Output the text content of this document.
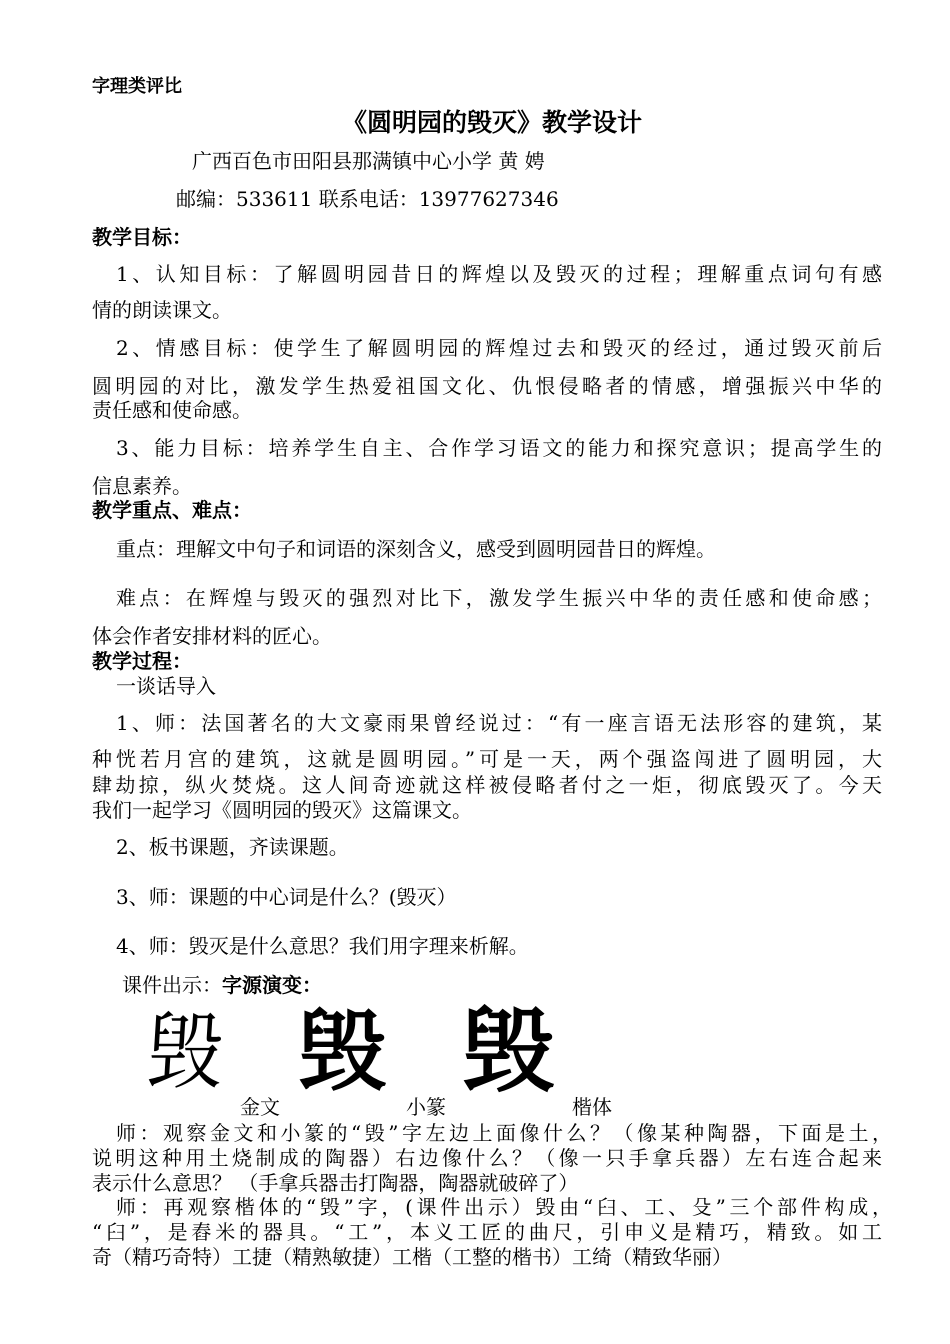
字理类评比
《圆明园的毁灭》教学设计
广西百色市田阳县那满镇中心小学 黄 娉
邮编：533611 联系电话：13977627346
教学目标：
1、认知目标：了解圆明园昔日的辉煌以及毁灭的过程；理解重点词句有感
情的朗读课文。
2、情感目标：使学生了解圆明园的辉煌过去和毁灭的经过，通过毁灭前后
圆明园的对比，激发学生热爱祖国文化、仇恨侵略者的情感，增强振兴中华的
责任感和使命感。
3、能力目标：培养学生自主、合作学习语文的能力和探究意识；提高学生的
信息素养。
教学重点、难点：
重点：理解文中句子和词语的深刻含义，感受到圆明园昔日的辉煌。
难点：在辉煌与毁灭的强烈对比下，激发学生振兴中华的责任感和使命感；
体会作者安排材料的匠心。
教学过程：
一谈话导入
1、师：法国著名的大文豪雨果曾经说过：“有一座言语无法形容的建筑，某
种恍若月宫的建筑，这就是圆明园。”可是一天，两个强盗闯进了圆明园，大
肆劫掠，纵火焚烧。这人间奇迹就这样被侵略者付之一炬，彻底毁灭了。今天
我们一起学习《圆明园的毁灭》这篇课文。
2、板书课题，齐读课题。
3、师：课题的中心词是什么？(毁灭）
4、师：毁灭是什么意思？我们用字理来析解。
课件出示：字源演变：
毁 毁 毁
金文	小篆	楷体
师：观察金文和小篆的“毁”字左边上面像什么？（像某种陶器，下面是土，
说明这种用土烧制成的陶器）右边像什么？（像一只手拿兵器）左右连合起来
表示什么意思？ （手拿兵器击打陶器，陶器就破碎了）
师：再观察楷体的“毁”字，(课件出示）毁由“臼、工、殳”三个部件构成，
“臼”，是舂米的器具。“工”，本义工匠的曲尺，引申义是精巧，精致。如工
奇（精巧奇特）工捷（精熟敏捷）工楷（工整的楷书）工绮（精致华丽）
